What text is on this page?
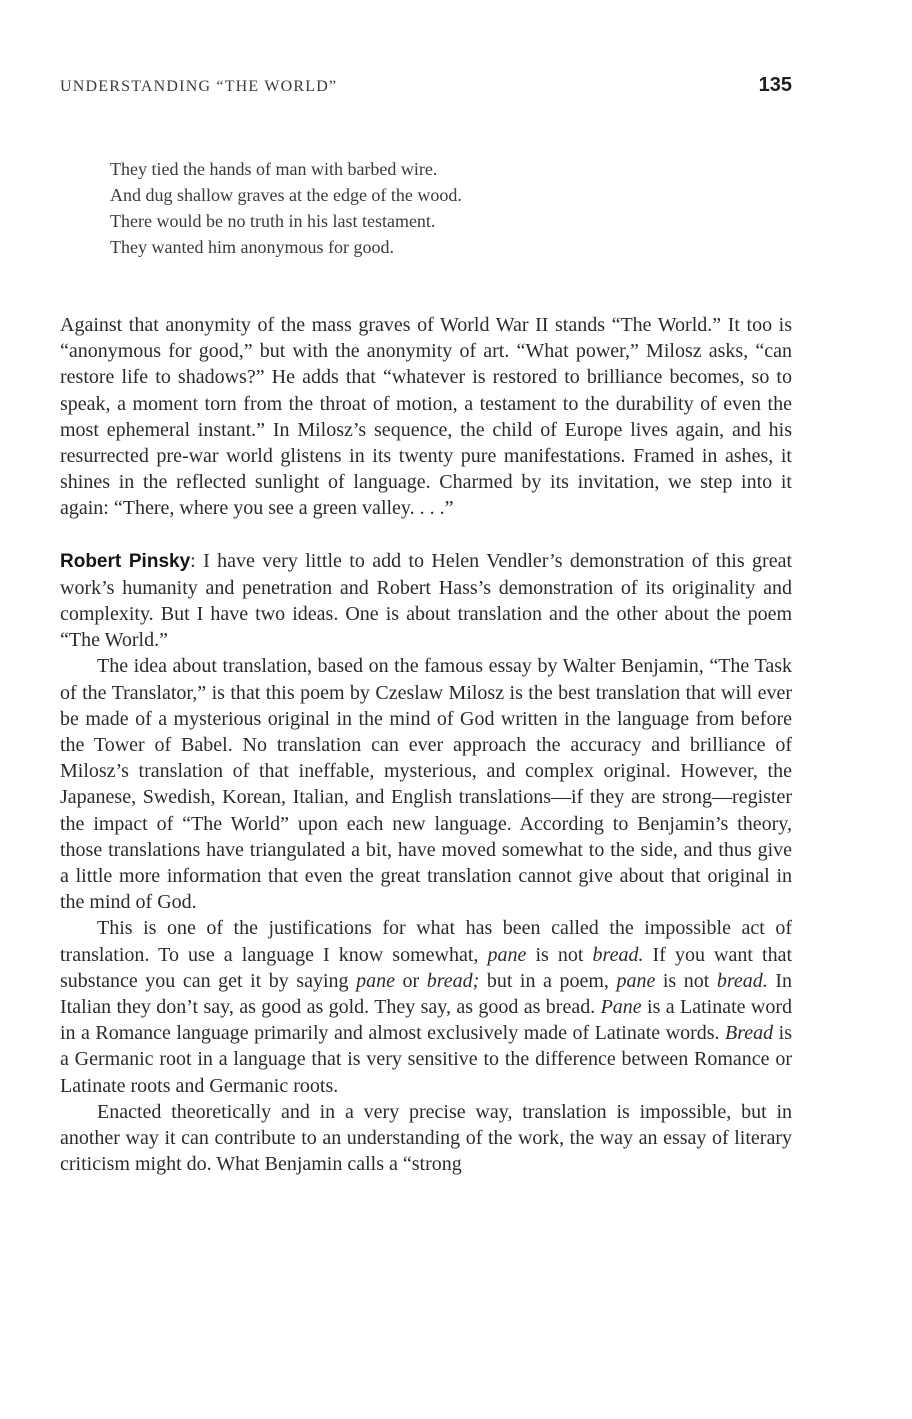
UNDERSTANDING “THE WORLD”	135
They tied the hands of man with barbed wire.
And dug shallow graves at the edge of the wood.
There would be no truth in his last testament.
They wanted him anonymous for good.

Against that anonymity of the mass graves of World War II stands “The World.” It too is “anonymous for good,” but with the anonymity of art. “What power,” Milosz asks, “can restore life to shadows?” He adds that “whatever is restored to brilliance becomes, so to speak, a moment torn from the throat of motion, a testament to the durability of even the most ephemeral instant.” In Milosz’s sequence, the child of Europe lives again, and his resurrected pre-war world glistens in its twenty pure manifestations. Framed in ashes, it shines in the reflected sunlight of language. Charmed by its invitation, we step into it again: “There, where you see a green valley. . . .”

Robert Pinsky: I have very little to add to Helen Vendler’s demonstration of this great work’s humanity and penetration and Robert Hass’s demonstration of its originality and complexity. But I have two ideas. One is about translation and the other about the poem “The World.”

The idea about translation, based on the famous essay by Walter Benjamin, “The Task of the Translator,” is that this poem by Czeslaw Milosz is the best translation that will ever be made of a mysterious original in the mind of God written in the language from before the Tower of Babel. No translation can ever approach the accuracy and brilliance of Milosz’s translation of that ineffable, mysterious, and complex original. However, the Japanese, Swedish, Korean, Italian, and English translations—if they are strong—register the impact of “The World” upon each new language. According to Benjamin’s theory, those translations have triangulated a bit, have moved somewhat to the side, and thus give a little more information that even the great translation cannot give about that original in the mind of God.

This is one of the justifications for what has been called the impossible act of translation. To use a language I know somewhat, pane is not bread. If you want that substance you can get it by saying pane or bread; but in a poem, pane is not bread. In Italian they don’t say, as good as gold. They say, as good as bread. Pane is a Latinate word in a Romance language primarily and almost exclusively made of Latinate words. Bread is a Germanic root in a language that is very sensitive to the difference between Romance or Latinate roots and Germanic roots.

Enacted theoretically and in a very precise way, translation is impossible, but in another way it can contribute to an understanding of the work, the way an essay of literary criticism might do. What Benjamin calls a “strong
